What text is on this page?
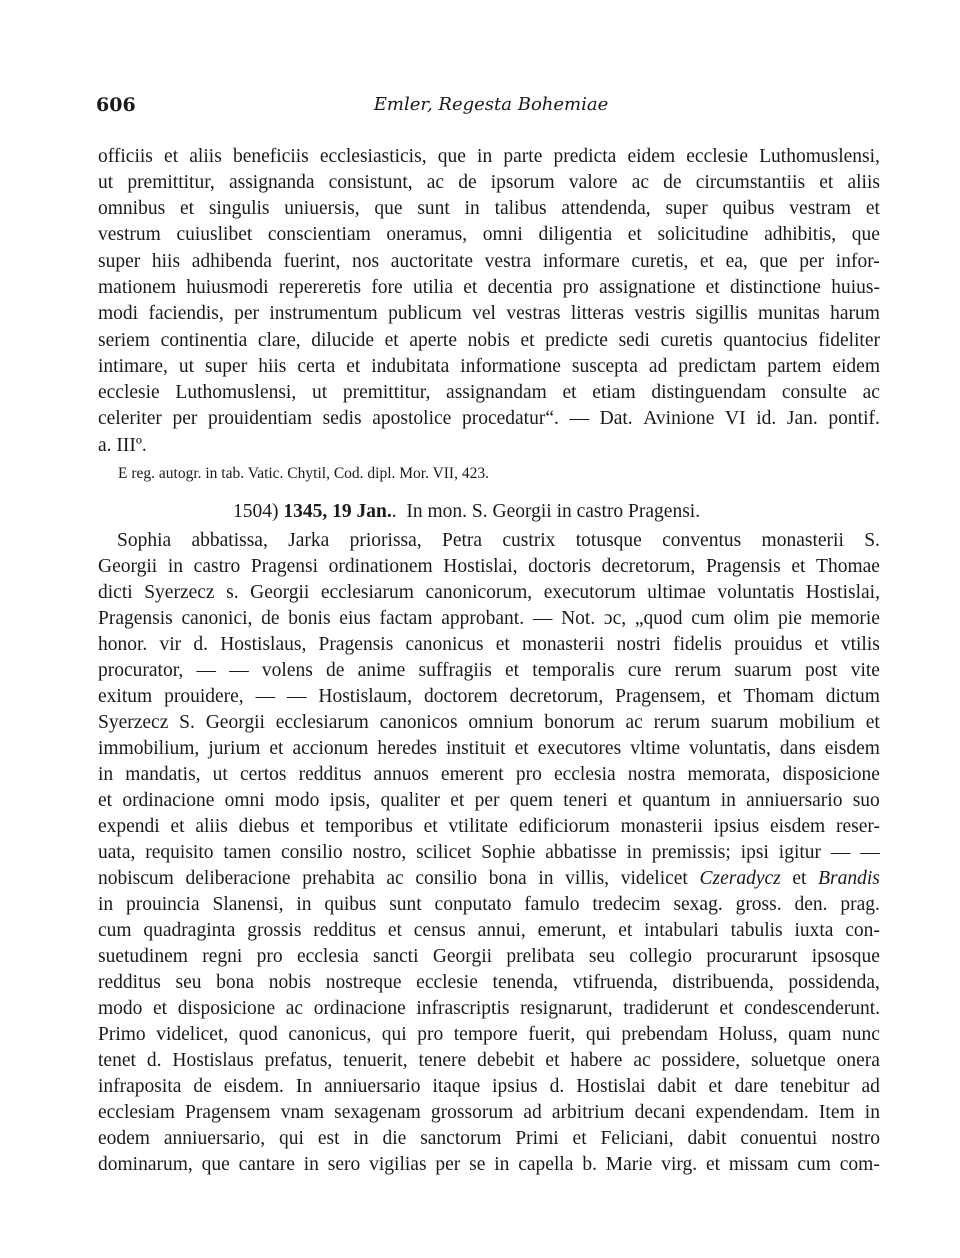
606	Emler, Regesta Bohemiae
officiis et aliis beneficiis ecclesiasticis, que in parte predicta eidem ecclesie Luthomuslensi,
ut premittitur, assignanda consistunt, ac de ipsorum valore ac de circumstantiis et aliis
omnibus et singulis uniuersis, que sunt in talibus attendenda, super quibus vestram et
vestrum cuiuslibet conscientiam oneramus, omni diligentia et solicitudine adhibitis, que
super hiis adhibenda fuerint, nos auctoritate vestra informare curetis, et ea, que per infor-
mationem huiusmodi repereretis fore utilia et decentia pro assignatione et distinctione huius-
modi faciendis, per instrumentum publicum vel vestras litteras vestris sigillis munitas harum
seriem continentia clare, dilucide et aperte nobis et predicte sedi curetis quantocius fideliter
intimare, ut super hiis certa et indubitata informatione suscepta ad predictam partem eidem
ecclesie Luthomuslensi, ut premittitur, assignandam et etiam distinguendam consulte ac
celeriter per prouidentiam sedis apostolice procedatur“. — Dat. Avinione VI id. Jan. pontif.
a. IIIº.
E reg. autogr. in tab. Vatic. Chytil, Cod. dipl. Mor. VII, 423.
1504) 1345, 19 Jan..  In mon. S. Georgii in castro Pragensi.
Sophia abbatissa, Jarka priorissa, Petra custrix totusque conventus monasterii S.
Georgii in castro Pragensi ordinationem Hostislai, doctoris decretorum, Pragensis et Thomae
dicti Syerzecz s. Georgii ecclesiarum canonicorum, executorum ultimae voluntatis Hostislai,
Pragensis canonici, de bonis eius factam approbant. — Not. ɔc, „quod cum olim pie memorie
honor. vir d. Hostislaus, Pragensis canonicus et monasterii nostri fidelis prouidus et vtilis
procurator, — — volens de anime suffragiis et temporalis cure rerum suarum post vite
exitum prouidere, — — Hostislaum, doctorem decretorum, Pragensem, et Thomam dictum
Syerzecz S. Georgii ecclesiarum canonicos omnium bonorum ac rerum suarum mobilium et
immobilium, jurium et accionum heredes instituit et executores vltime voluntatis, dans eisdem
in mandatis, ut certos redditus annuos emerent pro ecclesia nostra memorata, disposicione
et ordinacione omni modo ipsis, qualiter et per quem teneri et quantum in anniuersario suo
expendi et aliis diebus et temporibus et vtilitate edificiorum monasterii ipsius eisdem reser-
uata, requisito tamen consilio nostro, scilicet Sophie abbatisse in premissis; ipsi igitur — —
nobiscum deliberacione prehabita ac consilio bona in villis, videlicet Czeradycz et Brandis
in prouincia Slanensi, in quibus sunt conputato famulo tredecim sexag. gross. den. prag.
cum quadraginta grossis redditus et census annui, emerunt, et intabulari tabulis iuxta con-
suetudinem regni pro ecclesia sancti Georgii prelibata seu collegio procurarunt ipsosque
redditus seu bona nobis nostreque ecclesie tenenda, vtifruenda, distribuenda, possidenda,
modo et disposicione ac ordinacione infrascriptis resignarunt, tradiderunt et condescenderunt.
Primo videlicet, quod canonicus, qui pro tempore fuerit, qui prebendam Holuss, quam nunc
tenet d. Hostislaus prefatus, tenuerit, tenere debebit et habere ac possidere, soluetque onera
infraposita de eisdem. In anniuersario itaque ipsius d. Hostislai dabit et dare tenebitur ad
ecclesiam Pragensem vnam sexagenam grossorum ad arbitrium decani expendendam. Item in
eodem anniuersario, qui est in die sanctorum Primi et Feliciani, dabit conuentui nostro
dominarum, que cantare in sero vigilias per se in capella b. Marie virg. et missam cum com-
